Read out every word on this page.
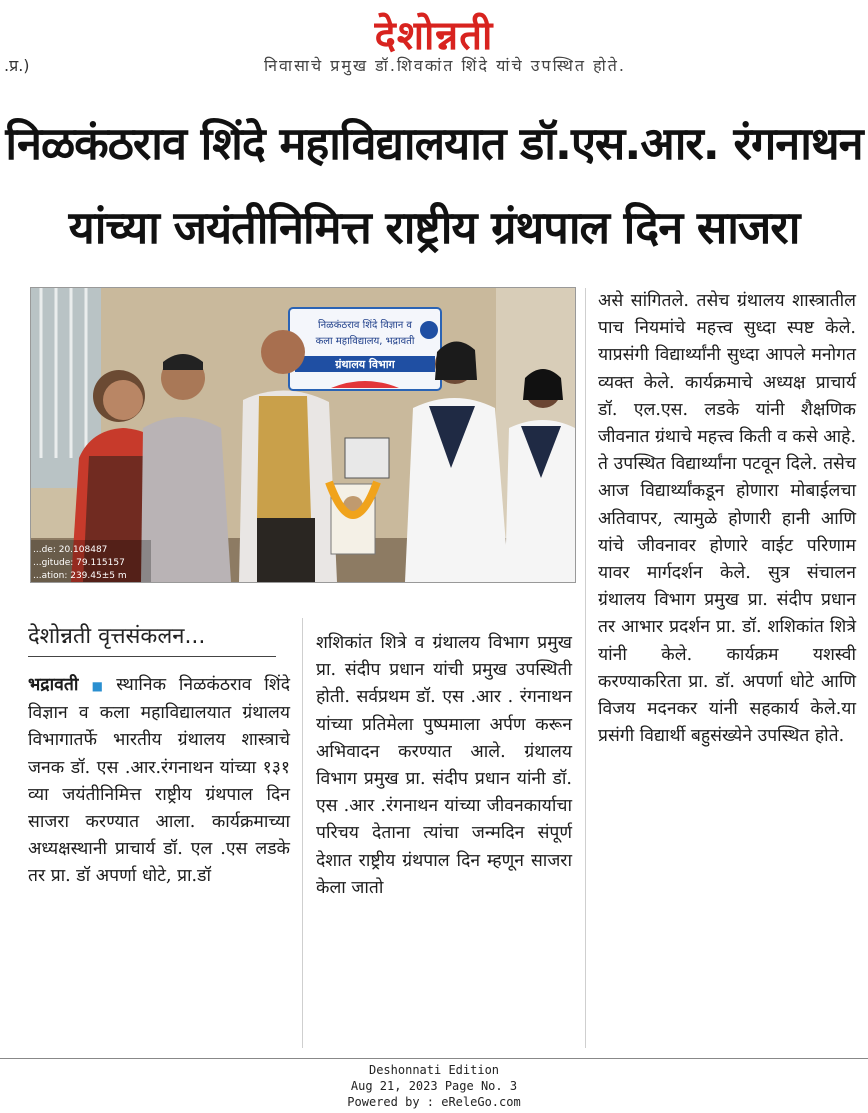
देशोन्नती
.प्र.)	निवासाचे प्रमुख डॉ.शिवकांत शिंदे यांचे उपस्थित होते.
निळकंठराव शिंदे महाविद्यालयात डॉ.एस.आर. रंगनाथन
यांच्या जयंतीनिमित्त राष्ट्रीय ग्रंथपाल दिन साजरा
निळकंठराव शिंदे विज्ञान व
कला महाविद्यालय, भद्रावती
ग्रंथालय विभाग
...de: 20.108487
...gitude: 79.115157
...ation: 239.45±5 m
देशोन्नती वृत्तसंकलन...

भद्रावती ■ स्थानिक निळकंठराव शिंदे विज्ञान व कला महाविद्यालयात ग्रंथालय विभागातर्फे भारतीय ग्रंथालय शास्त्राचे जनक डॉ. एस .आर.रंगनाथन यांच्या १३१ व्या जयंतीनिमित्त राष्ट्रीय ग्रंथपाल दिन साजरा करण्यात आला. कार्यक्रमाच्या अध्यक्षस्थानी प्राचार्य डॉ. एल .एस लडके तर प्रा. डॉ अपर्णा धोटे, प्रा.डॉ

शशिकांत शित्रे व ग्रंथालय विभाग प्रमुख प्रा. संदीप प्रधान यांची प्रमुख उपस्थिती होती. सर्वप्रथम डॉ. एस .आर . रंगनाथन यांच्या प्रतिमेला पुष्पमाला अर्पण करून अभिवादन करण्यात आले. ग्रंथालय विभाग प्रमुख प्रा. संदीप प्रधान यांनी डॉ. एस .आर .रंगनाथन यांच्या जीवनकार्याचा परिचय देताना त्यांचा जन्मदिन संपूर्ण देशात राष्ट्रीय ग्रंथपाल दिन म्हणून साजरा केला जातो

असे सांगितले. तसेच ग्रंथालय शास्त्रातील पाच नियमांचे महत्त्व सुध्दा स्पष्ट केले. याप्रसंगी विद्यार्थ्यांनी सुध्दा आपले मनोगत व्यक्त केले. कार्यक्रमाचे अध्यक्ष प्राचार्य डॉ. एल.एस. लडके यांनी शैक्षणिक जीवनात ग्रंथाचे महत्त्व किती व कसे आहे. ते उपस्थित विद्यार्थ्यांना पटवून दिले. तसेच आज विद्यार्थ्यांकडून होणारा मोबाईलचा अतिवापर, त्यामुळे होणारी हानी आणि यांचे जीवनावर होणारे वाईट परिणाम यावर मार्गदर्शन केले. सुत्र संचालन ग्रंथालय विभाग प्रमुख प्रा. संदीप प्रधान तर आभार प्रदर्शन प्रा. डॉ. शशिकांत शित्रे यांनी केले. कार्यक्रम यशस्वी करण्याकरिता प्रा. डॉ. अपर्णा धोटे आणि विजय मदनकर यांनी सहकार्य केले.या प्रसंगी विद्यार्थी बहुसंख्येने उपस्थित होते.

Deshonnati Edition
Aug 21, 2023 Page No. 3
Powered by : eReleGo.com
